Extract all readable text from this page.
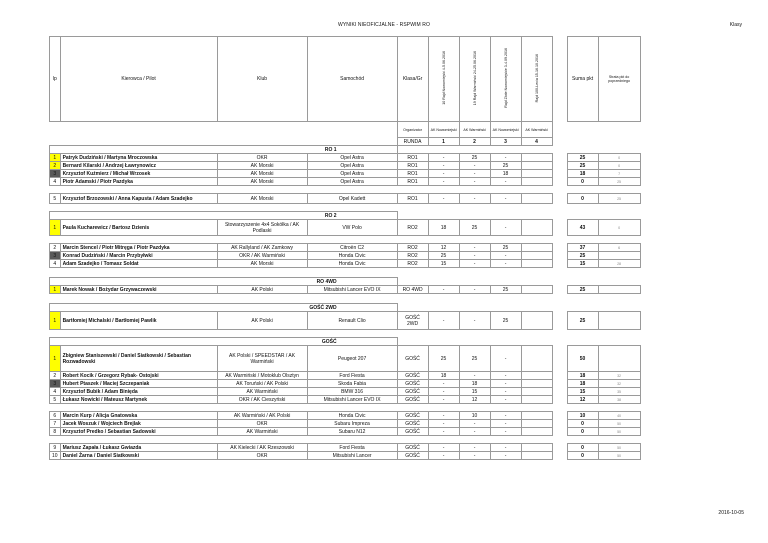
WYNIKI NIEOFICJALNE - RSPWIM RO	Klasy
lp	Kierowca / Pilot	Klub	Samochód	Klasa/Gr	10 Rajd Nowomiejski 4-5.06.2016	19 Rajd Warmiński 24-25.06.2016	Rajd Złote Nowomiejskie 3-4.09.2016	Rajd 100-Lecia 15-16.10.2016		Suma pkt	Strata pkt do poprzedniego
				Organizator	AK Nowomiejski	AK Warmiński	AK Nowomiejski	AK Warmiński			
				RUNDA	1	2	3	4			
RO 1											
1	Patryk Dudziński / Martyna Mroczowska	OKR	Opel Astra	RO1	-	25	-			25	0
2	Bernard Kilarski / Andrzej Ławrynowicz	AK Morski	Opel Astra	RO1	-	-	25			25	0
3	Krzysztof Kuźmierz / Michał Wrzosek	AK Morski	Opel Astra	RO1	-	-	18			18	7
4	Piotr Adamski / Piotr Pazdyka	AK Morski	Opel Astra	RO1	-	-	-			0	25

5	Krzysztof Brzozowski / Anna Kapusta / Adam Szadejko	AK Morski	Opel Kadett	RO1	-	-	-			0	25

RO 2											
1	Paula Kucharewicz / Bartosz Dzienis	Stowarzyszenie 4x4 Sokółka / AK Podlaski	VW Polo	RO2	18	25	-			43	0

2	Marcin Stencel / Piotr Mitręga / Piotr Pazdyka	AK Rallyland / AK Zamkowy	Citroën C2	RO2	12	-	25			37	6
3	Konrad Dudziński / Marcin Przybyłwki	OKR / AK Warmiński	Honda Civic	RO2	25	-	-			25	
4	Adam Szadejko / Tomasz Soldat	AK Morski	Honda Civic	RO2	15	-	-			15	28

RO 4WD											
1	Marek Nowak / Bożydar Grzywaczewski	AK Polski	Mitsubishi Lancer EVO IX	RO 4WD	-	-	25			25	

GOŚĆ 2WD											
1	Bartłomiej Michalski / Bartłomiej Pawlik	AK Polski	Renault Clio	GOŚĆ 2WD	-	-	25			25	

GOŚĆ											
1	Zbigniew Staniszewski / Daniel Siatkowski / Sebastian Rozwadowski	AK Polski / SPEEDSTAR / AK Warmiński	Peugeot 207	GOŚĆ	25	25	-			50	
2	Robert Kocik / Grzegorz Rybak- Ostojski	AK Warmiński / Motoklub Olsztyn	Ford Fiesta	GOŚĆ	18	-	-			18	32
3	Hubert Ptaszek / Maciej Szczepaniak	AK Toruński / AK Polski	Skoda Fabia	GOŚĆ	-	18	-			18	32
4	Krzysztof Bubik / Adam Biniędа	AK Warmiński	BMW 316	GOŚĆ	-	15	-			15	35
5	Łukasz Nowicki / Mateusz Martynek	OKR / AK Cieszyński	Mitsubishi Lancer EVO IX	GOŚĆ	-	12	-			12	38

6	Marcin Kurp / Alicja Gnatowska	AK Warmiński / AK Polski	Honda Civic	GOŚĆ	-	10	-			10	40
7	Jacek Woszuk / Wojciech Brejlak	OKR	Subaru Impreza	GOŚĆ	-	-	-			0	50
8	Krzysztof Predko / Sebastian Sadowski	AK Warmiński	Subaru N12	GOŚĆ	-	-	-			0	50

9	Mariusz Zapała / Łukasz Gwiazda	AK Kielecki / AK Rzeszowski	Ford Fiesta	GOŚĆ	-	-	-			0	50
10	Daniel Żarna / Daniel Siatkowski	OKR	Mitsubishi Lancer	GOŚĆ	-	-	-			0	50
2016-10-05
